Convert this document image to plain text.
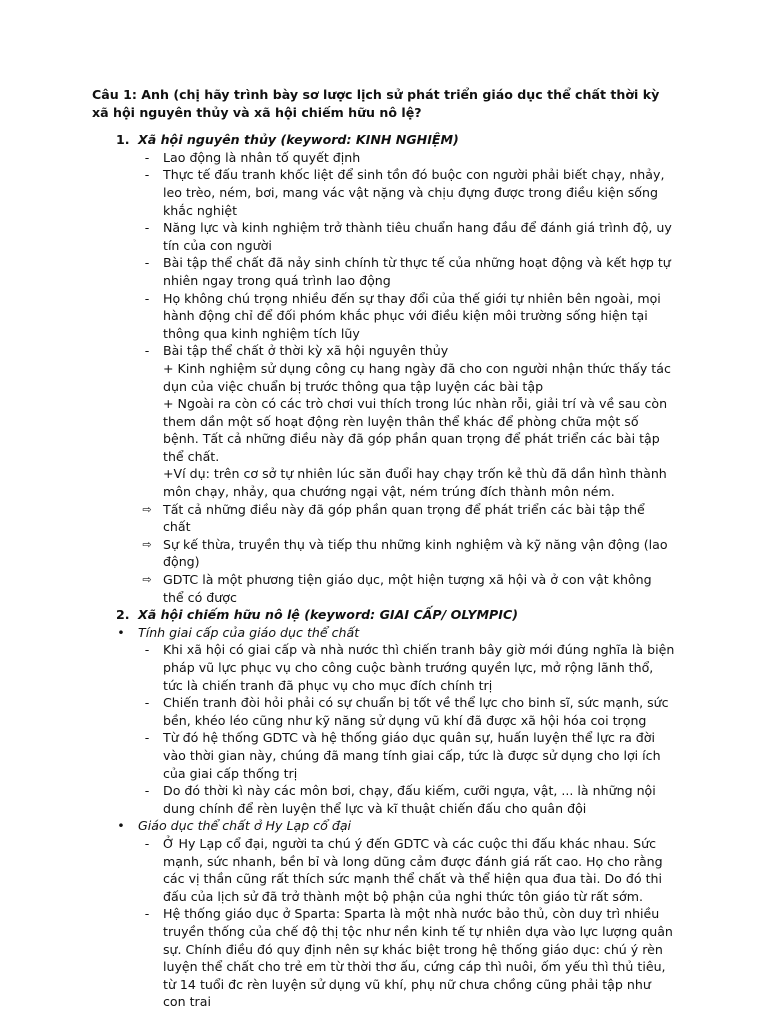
Câu 1: Anh (chị hãy trình bày sơ lược lịch sử phát triển giáo dục thể chất thời kỳ xã hội nguyên thủy và xã hội chiếm hữu nô lệ?
1. Xã hội nguyên thủy (keyword: KINH NGHIỆM)
-	Lao động là nhân tố quyết định
-	Thực tế đấu tranh khốc liệt để sinh tồn đó buộc con người phải biết chạy, nhảy, leo trèo, ném, bơi, mang vác vật nặng và chịu đựng được trong điều kiện sống khắc nghiệt
-	Năng lực và kinh nghiệm trở thành tiêu chuẩn hang đầu để đánh giá trình độ, uy tín của con người
-	Bài tập thể chất đã nảy sinh chính từ thực tế của những hoạt động và kết hợp tự nhiên ngay trong quá trình lao động
-	Họ không chú trọng nhiều đến sự thay đổi của thế giới tự nhiên bên ngoài, mọi hành động chỉ để đối phóm khắc phục với điều kiện môi trường sống hiện tại thông qua kinh nghiệm tích lũy
-	Bài tập thể chất ở thời kỳ xã hội nguyên thủy
+ Kinh nghiệm sử dụng công cụ hang ngày đã cho con người nhận thức thấy tác dụn của việc chuẩn bị trước thông qua tập luyện các bài tập
+ Ngoài ra còn có các trò chơi vui thích trong lúc nhàn rỗi, giải trí và về sau còn them dần một số hoạt động rèn luyện thân thể khác để phòng chữa một số bệnh. Tất cả những điều này đã góp phần quan trọng để phát triển các bài tập thể chất.
+Ví dụ: trên cơ sở tự nhiên lúc săn đuổi hay chạy trốn kẻ thù đã dần hình thành môn chạy, nhảy, qua chướng ngại vật, ném trúng đích thành môn ném.
⇨ Tất cả những điều này đã góp phần quan trọng để phát triển các bài tập thể chất
⇨ Sự kế thừa, truyền thụ và tiếp thu những kinh nghiệm và kỹ năng vận động (lao động)
⇨ GDTC là một phương tiện giáo dục, một hiện tượng xã hội và ở con vật không thể có được
2. Xã hội chiếm hữu nô lệ (keyword: GIAI CẤP/ OLYMPIC)
• Tính giai cấp của giáo dục thể chất
-	Khi xã hội có giai cấp và nhà nước thì chiến tranh bây giờ mới đúng nghĩa là biện pháp vũ lực phục vụ cho công cuộc bành trướng quyền lực, mở rộng lãnh thổ, tức là chiến tranh đã phục vụ cho mục đích chính trị
-	Chiến tranh đòi hỏi phải có sự chuẩn bị tốt về thể lực cho binh sĩ, sức mạnh, sức bền, khéo léo cũng như kỹ năng sử dụng vũ khí đã được xã hội hóa coi trọng
-	Từ đó hệ thống GDTC và hệ thống giáo dục quân sự, huấn luyện thể lực ra đời vào thời gian này, chúng đã mang tính giai cấp, tức là được sử dụng cho lợi ích của giai cấp thống trị
-	Do đó thời kì này các môn bơi, chạy, đấu kiếm, cưỡi ngựa, vật, ... là những nội dung chính để rèn luyện thể lực và kĩ thuật chiến đấu cho quân đội
• Giáo dục thể chất ở Hy Lạp cổ đại
-	Ở Hy Lạp cổ đại, người ta chú ý đến GDTC và các cuộc thi đấu khác nhau. Sức mạnh, sức nhanh, bền bỉ và long dũng cảm được đánh giá rất cao. Họ cho rằng các vị thần cũng rất thích sức mạnh thể chất và thể hiện qua đua tài. Do đó thi đấu của lịch sử đã trở thành một bộ phận của nghi thức tôn giáo từ rất sớm.
-	Hệ thống giáo dục ở Sparta: Sparta là một nhà nước bảo thủ, còn duy trì nhiều truyền thống của chế độ thị tộc như nền kinh tế tự nhiên dựa vào lực lượng quân sự. Chính điều đó quy định nên sự khác biệt trong hệ thống giáo dục: chú ý rèn luyện thể chất cho trẻ em từ thời thơ ấu, cứng cáp thì nuôi, ốm yếu thì thủ tiêu, từ 14 tuổi đc rèn luyện sử dụng vũ khí, phụ nữ chưa chồng cũng phải tập như con trai
